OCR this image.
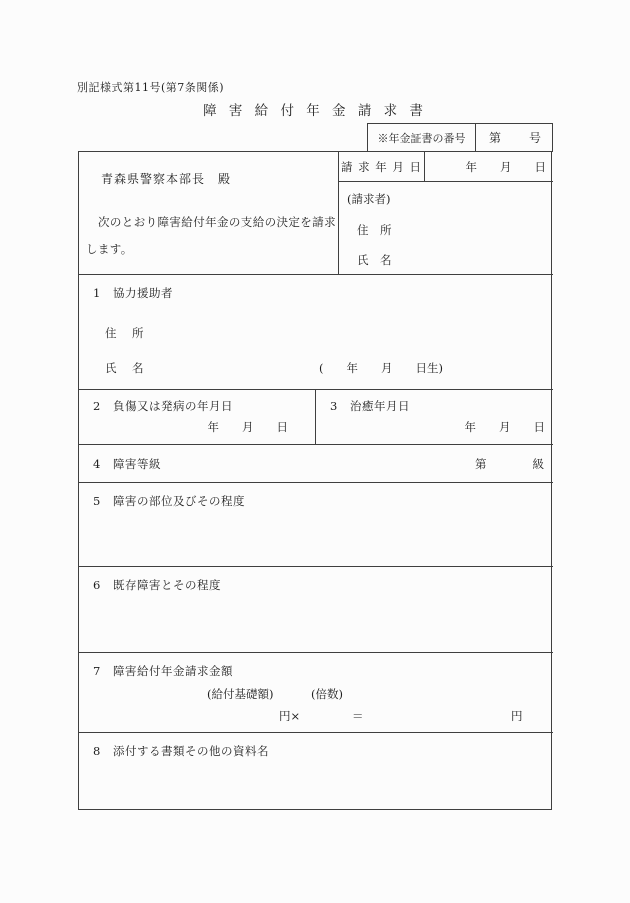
別記様式第11号(第7条関係)
障 害 給 付 年 金 請 求 書
※年金証書の番号	第 号
青森県警察本部長　殿
次のとおり障害給付年金の支給の決定を請求します。
請 求 年 月 日	年　　月　　日
(請求者)
住　所
氏　名
1 協力援助者
住　所
氏　名	(　　年　　月　　日生)
2 負傷又は発病の年月日
年　　月　　日
3 治癒年月日
年　　月　　日
4 障害等級	第　　　　級
5 障害の部位及びその程度
6 既存障害とその程度
7 障害給付年金請求金額
(給付基礎額)	(倍数)
円×	＝	円
8 添付する書類その他の資料名
